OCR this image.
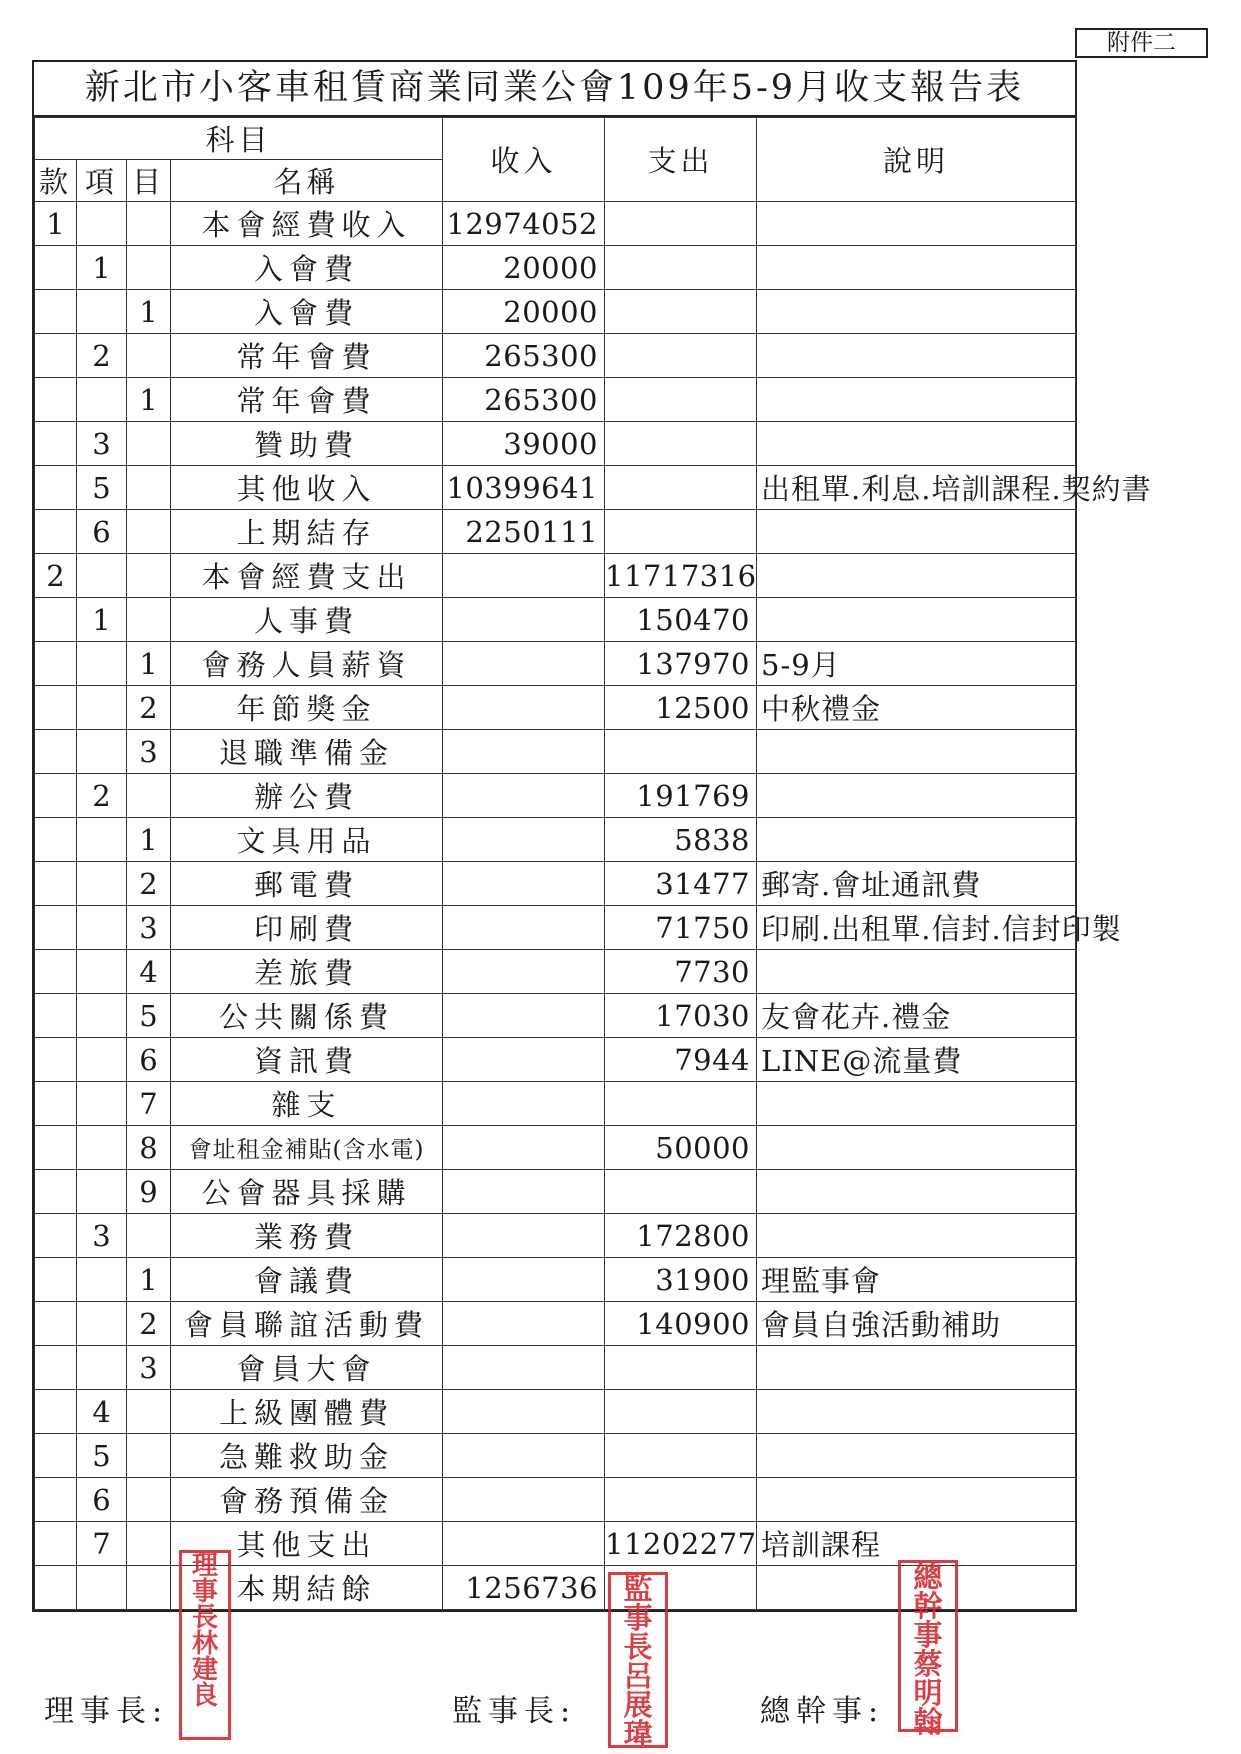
附件二
新北市小客車租賃商業同業公會109年5-9月收支報告表
科目				收入	支出	說明
款	項	目	名稱			
1			本會經費收入	12974052		
	1		入會費	20000		
		1	入會費	20000		
	2		常年會費	265300		
		1	常年會費	265300		
	3		贊助費	39000		
	5		其他收入	10399641		出租單.利息.培訓課程.契約書
	6		上期結存	2250111		
2			本會經費支出		11717316	
	1		人事費		150470	
		1	會務人員薪資		137970	5-9月
		2	年節獎金		12500	中秋禮金
		3	退職準備金			
	2		辦公費		191769	
		1	文具用品		5838	
		2	郵電費		31477	郵寄.會址通訊費
		3	印刷費		71750	印刷.出租單.信封.信封印製
		4	差旅費		7730	
		5	公共關係費		17030	友會花卉.禮金
		6	資訊費		7944	LINE@流量費
		7	雜支			
		8	會址租金補貼(含水電)		50000	
		9	公會器具採購			
	3		業務費		172800	
		1	會議費		31900	理監事會
		2	會員聯誼活動費		140900	會員自強活動補助
		3	會員大會			
	4		上級團體費			
	5		急難救助金			
	6		會務預備金			
	7		其他支出		11202277	培訓課程
			本期結餘	1256736		
理事長:	監事長:	總幹事:
理
事
長
林
建
良
監
事
長
呂
展
瑋
總
幹
事
蔡
明
翰
